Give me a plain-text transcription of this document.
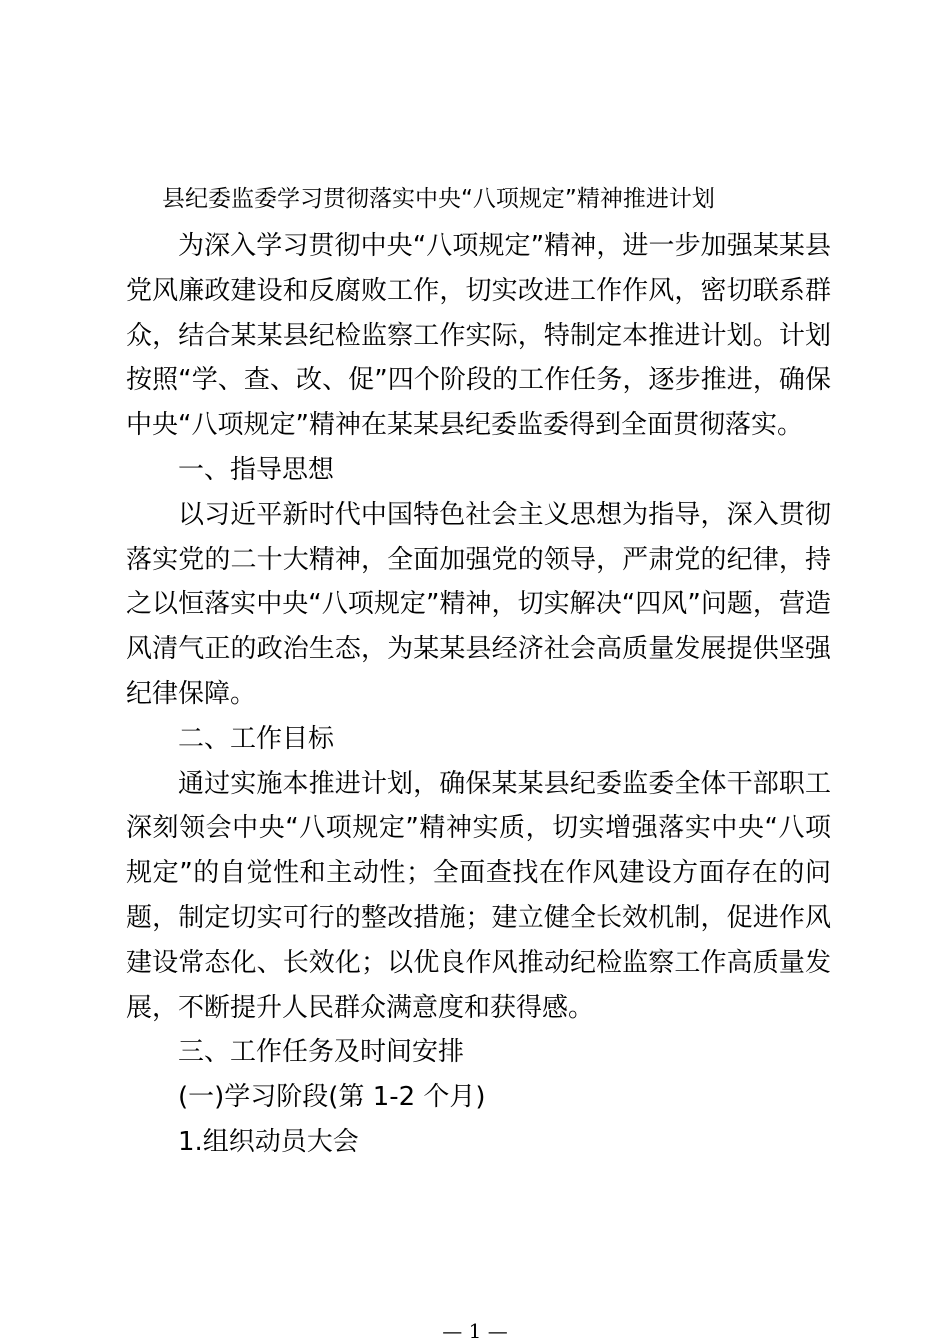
县纪委监委学习贯彻落实中央“八项规定”精神推进计划

为深入学习贯彻中央“八项规定”精神，进一步加强某某县党风廉政建设和反腐败工作，切实改进工作作风，密切联系群众，结合某某县纪检监察工作实际，特制定本推进计划。计划按照“学、查、改、促”四个阶段的工作任务，逐步推进，确保中央“八项规定”精神在某某县纪委监委得到全面贯彻落实。

一、指导思想

以习近平新时代中国特色社会主义思想为指导，深入贯彻落实党的二十大精神，全面加强党的领导，严肃党的纪律，持之以恒落实中央“八项规定”精神，切实解决“四风”问题，营造风清气正的政治生态，为某某县经济社会高质量发展提供坚强纪律保障。

二、工作目标

通过实施本推进计划，确保某某县纪委监委全体干部职工深刻领会中央“八项规定”精神实质，切实增强落实中央“八项规定”的自觉性和主动性；全面查找在作风建设方面存在的问题，制定切实可行的整改措施；建立健全长效机制，促进作风建设常态化、长效化；以优良作风推动纪检监察工作高质量发展，不断提升人民群众满意度和获得感。

三、工作任务及时间安排

(一)学习阶段(第 1-2 个月)

1.组织动员大会

— 1 —
